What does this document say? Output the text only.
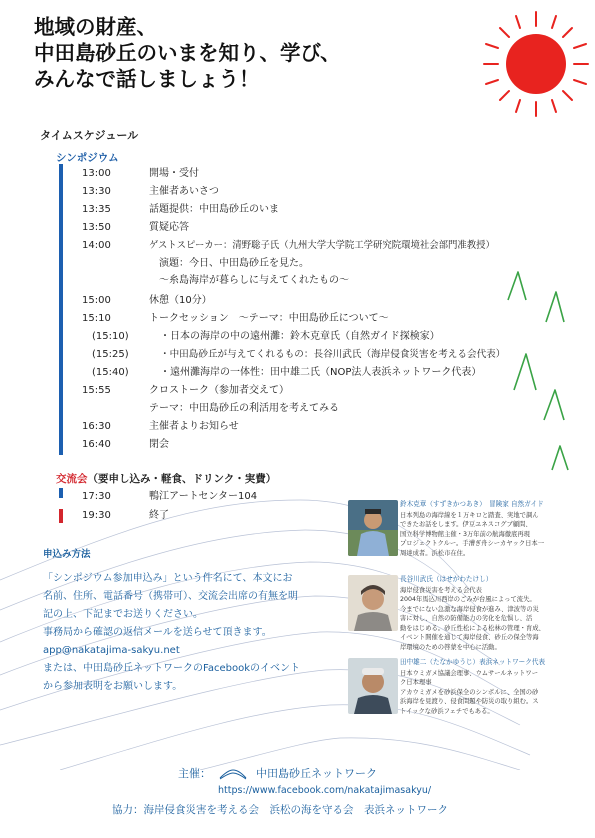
地域の財産、
中田島砂丘のいまを知り、学び、
みんなで話しましょう！
タイムスケジュール
シンポジウム
13:00	開場・受付
13:30	主催者あいさつ
13:35	話題提供：中田島砂丘のいま
13:50	質疑応答
14:00	ゲストスピーカー：清野聡子氏（九州大学大学院工学研究院環境社会部門准教授）
　演題：今日、中田島砂丘を見た。
　〜糸島海岸が暮らしに与えてくれたもの〜
15:00	休憩（10分）
15:10	トークセッション　〜テーマ：中田島砂丘について〜
(15:10)	・日本の海岸の中の遠州灘：鈴木克章氏（自然ガイド探検家）
(15:25)	・中田島砂丘が与えてくれるもの：長谷川武氏（海岸侵食災害を考える会代表）
(15:40)	・遠州灘海岸の一体性：田中雄二氏（NOP法人表浜ネットワーク代表）
15:55	クロストーク（参加者交えて）
テーマ：中田島砂丘の利活用を考えてみる
16:30	主催者よりお知らせ
16:40	閉会
交流会（要申し込み・軽食、ドリンク・実費）
17:30	鴨江アートセンター104
19:30	終了
申込み方法
「シンポジウム参加申込み」という件名にて、本文にお
名前、住所、電話番号（携帯可）、交流会出席の有無を明
記の上、下記までお送りください。
事務局から確認の返信メールを送らせて頂きます。
app@nakatajima-sakyu.net
または、中田島砂丘ネットワークのFacebookのイベント
から参加表明をお願いします。
鈴木克章（すずきかつあき）　冒険家 自然ガイド
日本列島の海岸線を１万キロと踏査、実地で調ん
できたお話をします。伊豆ユネスコグブ顧問、
国立科学博物館主催・3万年前の航海徹底再現
プロジェクトクルー。手漕ぎ舟シーカヤック日本一
周達成者。浜松市在住。
長谷川武氏（はせがわたけし）
海岸侵食災害を考える会代表
2004年馬込川西岸のごみが台風によって流失。
今までにない急激な海岸侵食が進み、津波等の災
害に対し、自然の防備能力の劣化を危惧し、活
動をはじめる。砂丘性松による松林の管理・育成、
イベント開催を通じて海岸侵食、砂丘の保全等海
岸環境のための啓蒙を中心に活動。
田中雄二（たなかゆうじ）表浜ネットワーク代表
日本ウミガメ協議会理事、ウムサールネットワー
ク日本理事
アカウミガメを砂浜保全のシンボルに、全国の砂
浜海岸を見渡り、侵食問題や防災の取り組む。ス
トイックな砂浜フェチでもある。
主催：	中田島砂丘ネットワーク
https://www.facebook.com/nakatajimasakyu/
協力：海岸侵食災害を考える会　浜松の海を守る会　表浜ネットワーク
